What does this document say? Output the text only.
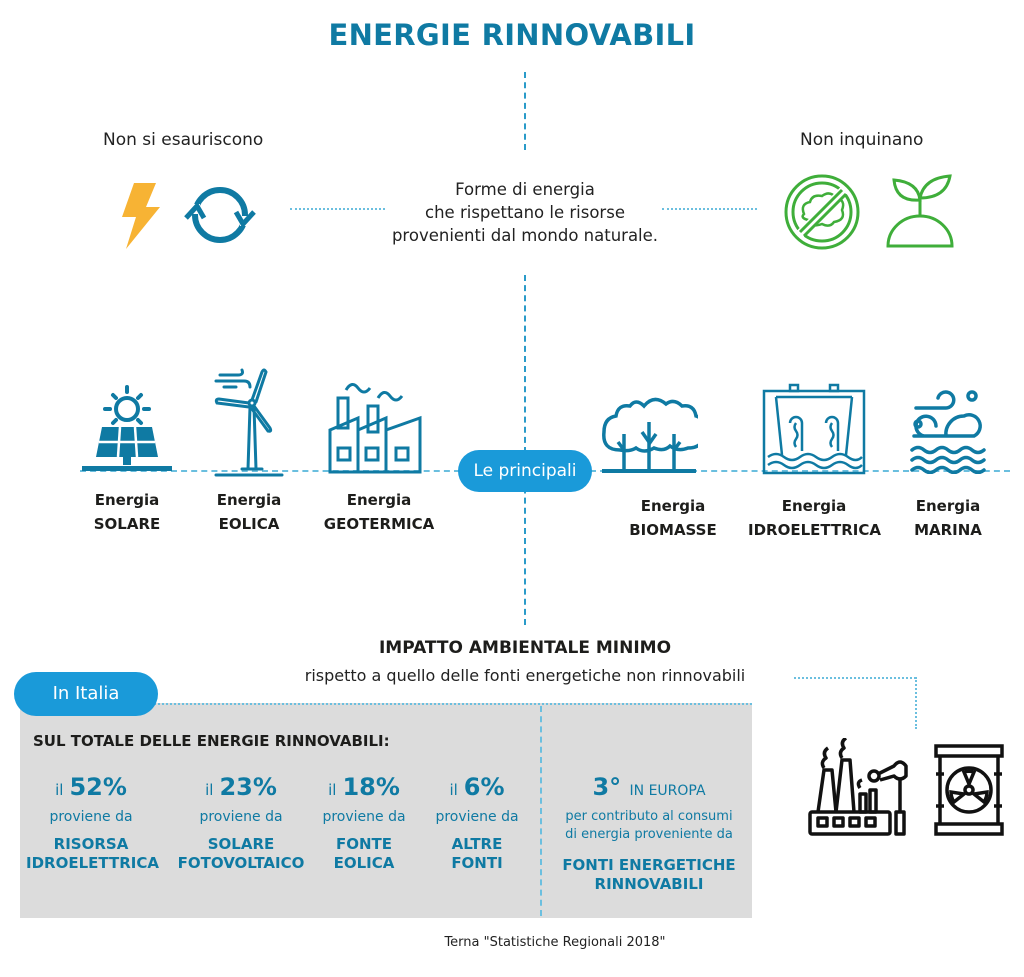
ENERGIE RINNOVABILI
Non si esauriscono
Forme di energia
che rispettano le risorse
provenienti dal mondo naturale.
Non inquinano
Le principali
Energia
SOLARE
Energia
EOLICA
Energia
GEOTERMICA
Energia
BIOMASSE
Energia
IDROELETTRICA
Energia
MARINA
IMPATTO AMBIENTALE MINIMO
rispetto a quello delle fonti energetiche non rinnovabili
In Italia
SUL TOTALE DELLE ENERGIE RINNOVABILI:
il 52%
proviene da
RISORSA
IDROELETTRICA
il 23%
proviene da
SOLARE
FOTOVOLTAICO
il 18%
proviene da
FONTE
EOLICA
il 6%
proviene da
ALTRE
FONTI
3° IN EUROPA
per contributo al consumi
di energia proveniente da
FONTI ENERGETICHE
RINNOVABILI
Terna "Statistiche Regionali 2018"
